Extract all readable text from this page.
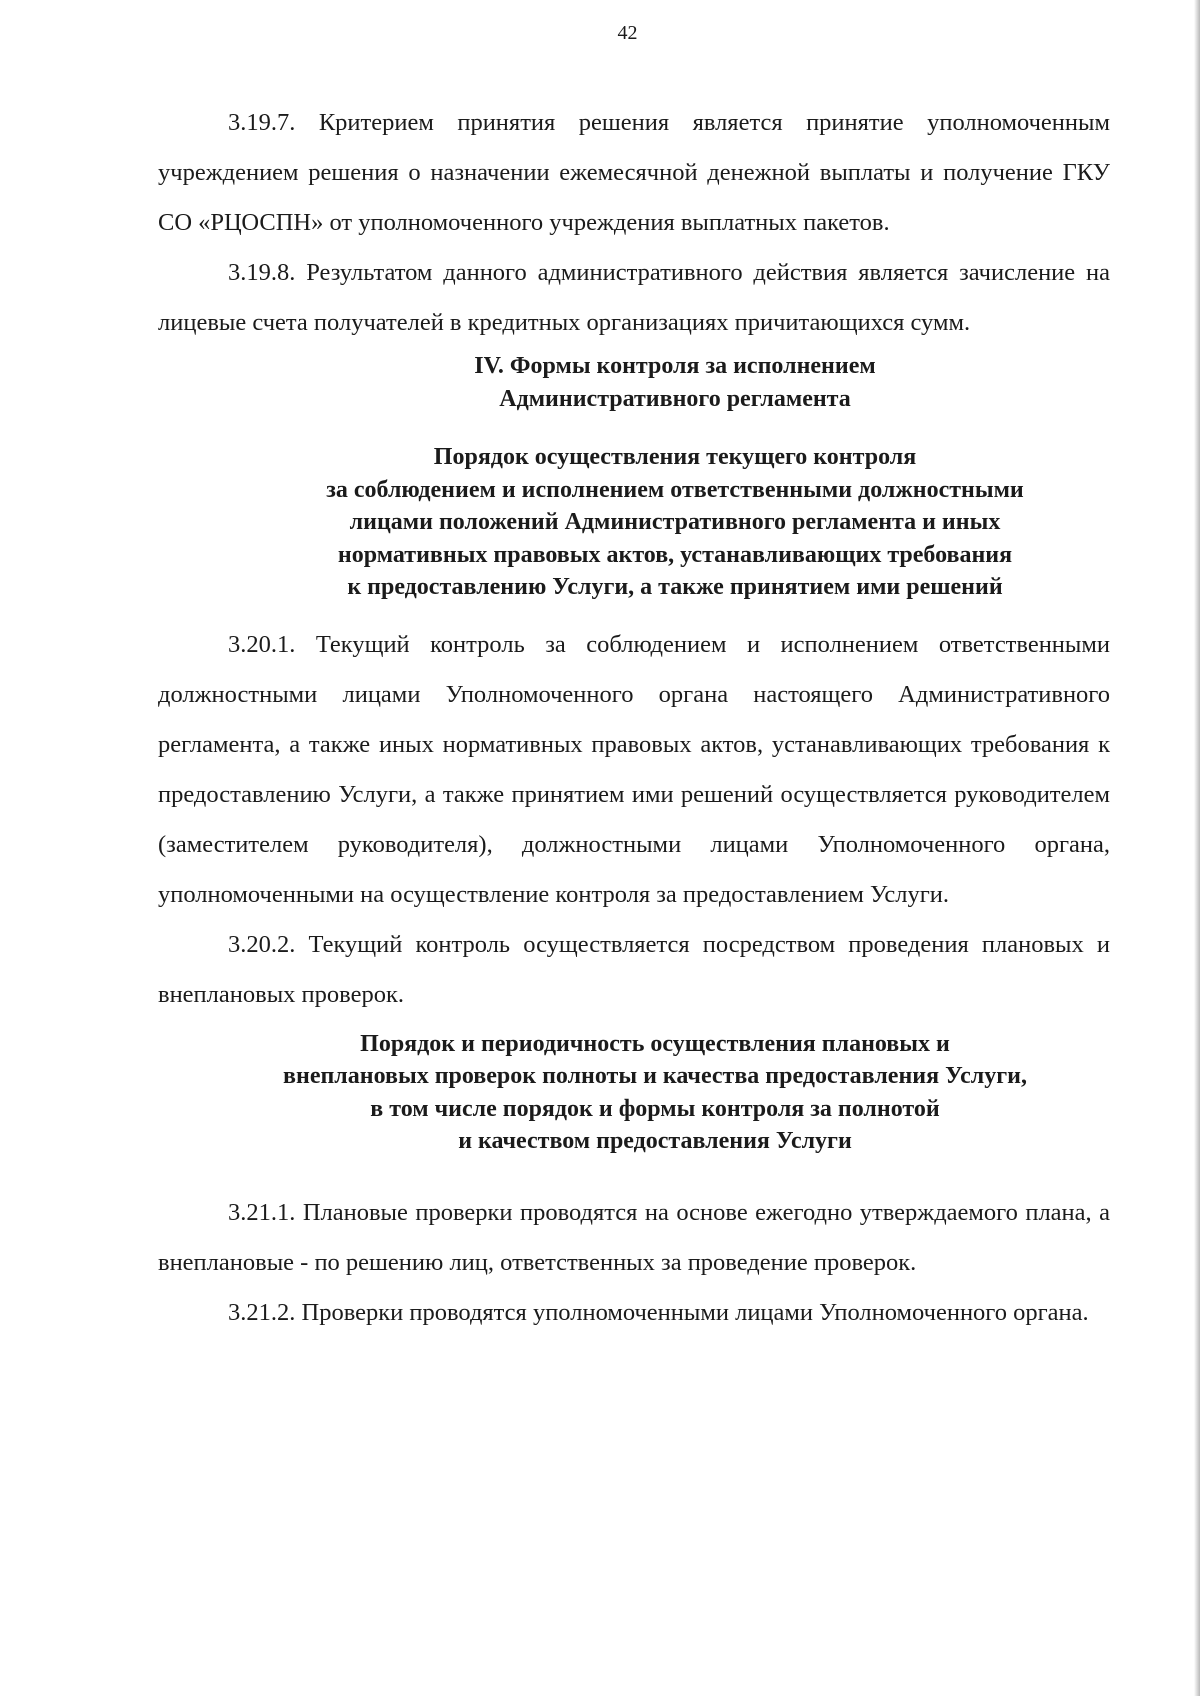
42

3.19.7. Критерием принятия решения является принятие уполномоченным учреждением решения о назначении ежемесячной денежной выплаты и получение ГКУ СО «РЦОСПН» от уполномоченного учреждения выплатных пакетов.

3.19.8. Результатом данного административного действия является зачисление на лицевые счета получателей в кредитных организациях причитающихся сумм.

IV. Формы контроля за исполнением
Административного регламента
Порядок осуществления текущего контроля
за соблюдением и исполнением ответственными должностными
лицами положений Административного регламента и иных
нормативных правовых актов, устанавливающих требования
к предоставлению Услуги, а также принятием ими решений

3.20.1. Текущий контроль за соблюдением и исполнением ответственными должностными лицами Уполномоченного органа настоящего Административного регламента, а также иных нормативных правовых актов, устанавливающих требования к предоставлению Услуги, а также принятием ими решений осуществляется руководителем (заместителем руководителя), должностными лицами Уполномоченного органа, уполномоченными на осуществление контроля за предоставлением Услуги.

3.20.2. Текущий контроль осуществляется посредством проведения плановых и внеплановых проверок.

Порядок и периодичность осуществления плановых и
внеплановых проверок полноты и качества предоставления Услуги,
в том числе порядок и формы контроля за полнотой
и качеством предоставления Услуги

3.21.1. Плановые проверки проводятся на основе ежегодно утверждаемого плана, а внеплановые - по решению лиц, ответственных за проведение проверок.

3.21.2. Проверки проводятся уполномоченными лицами Уполномоченного органа.
